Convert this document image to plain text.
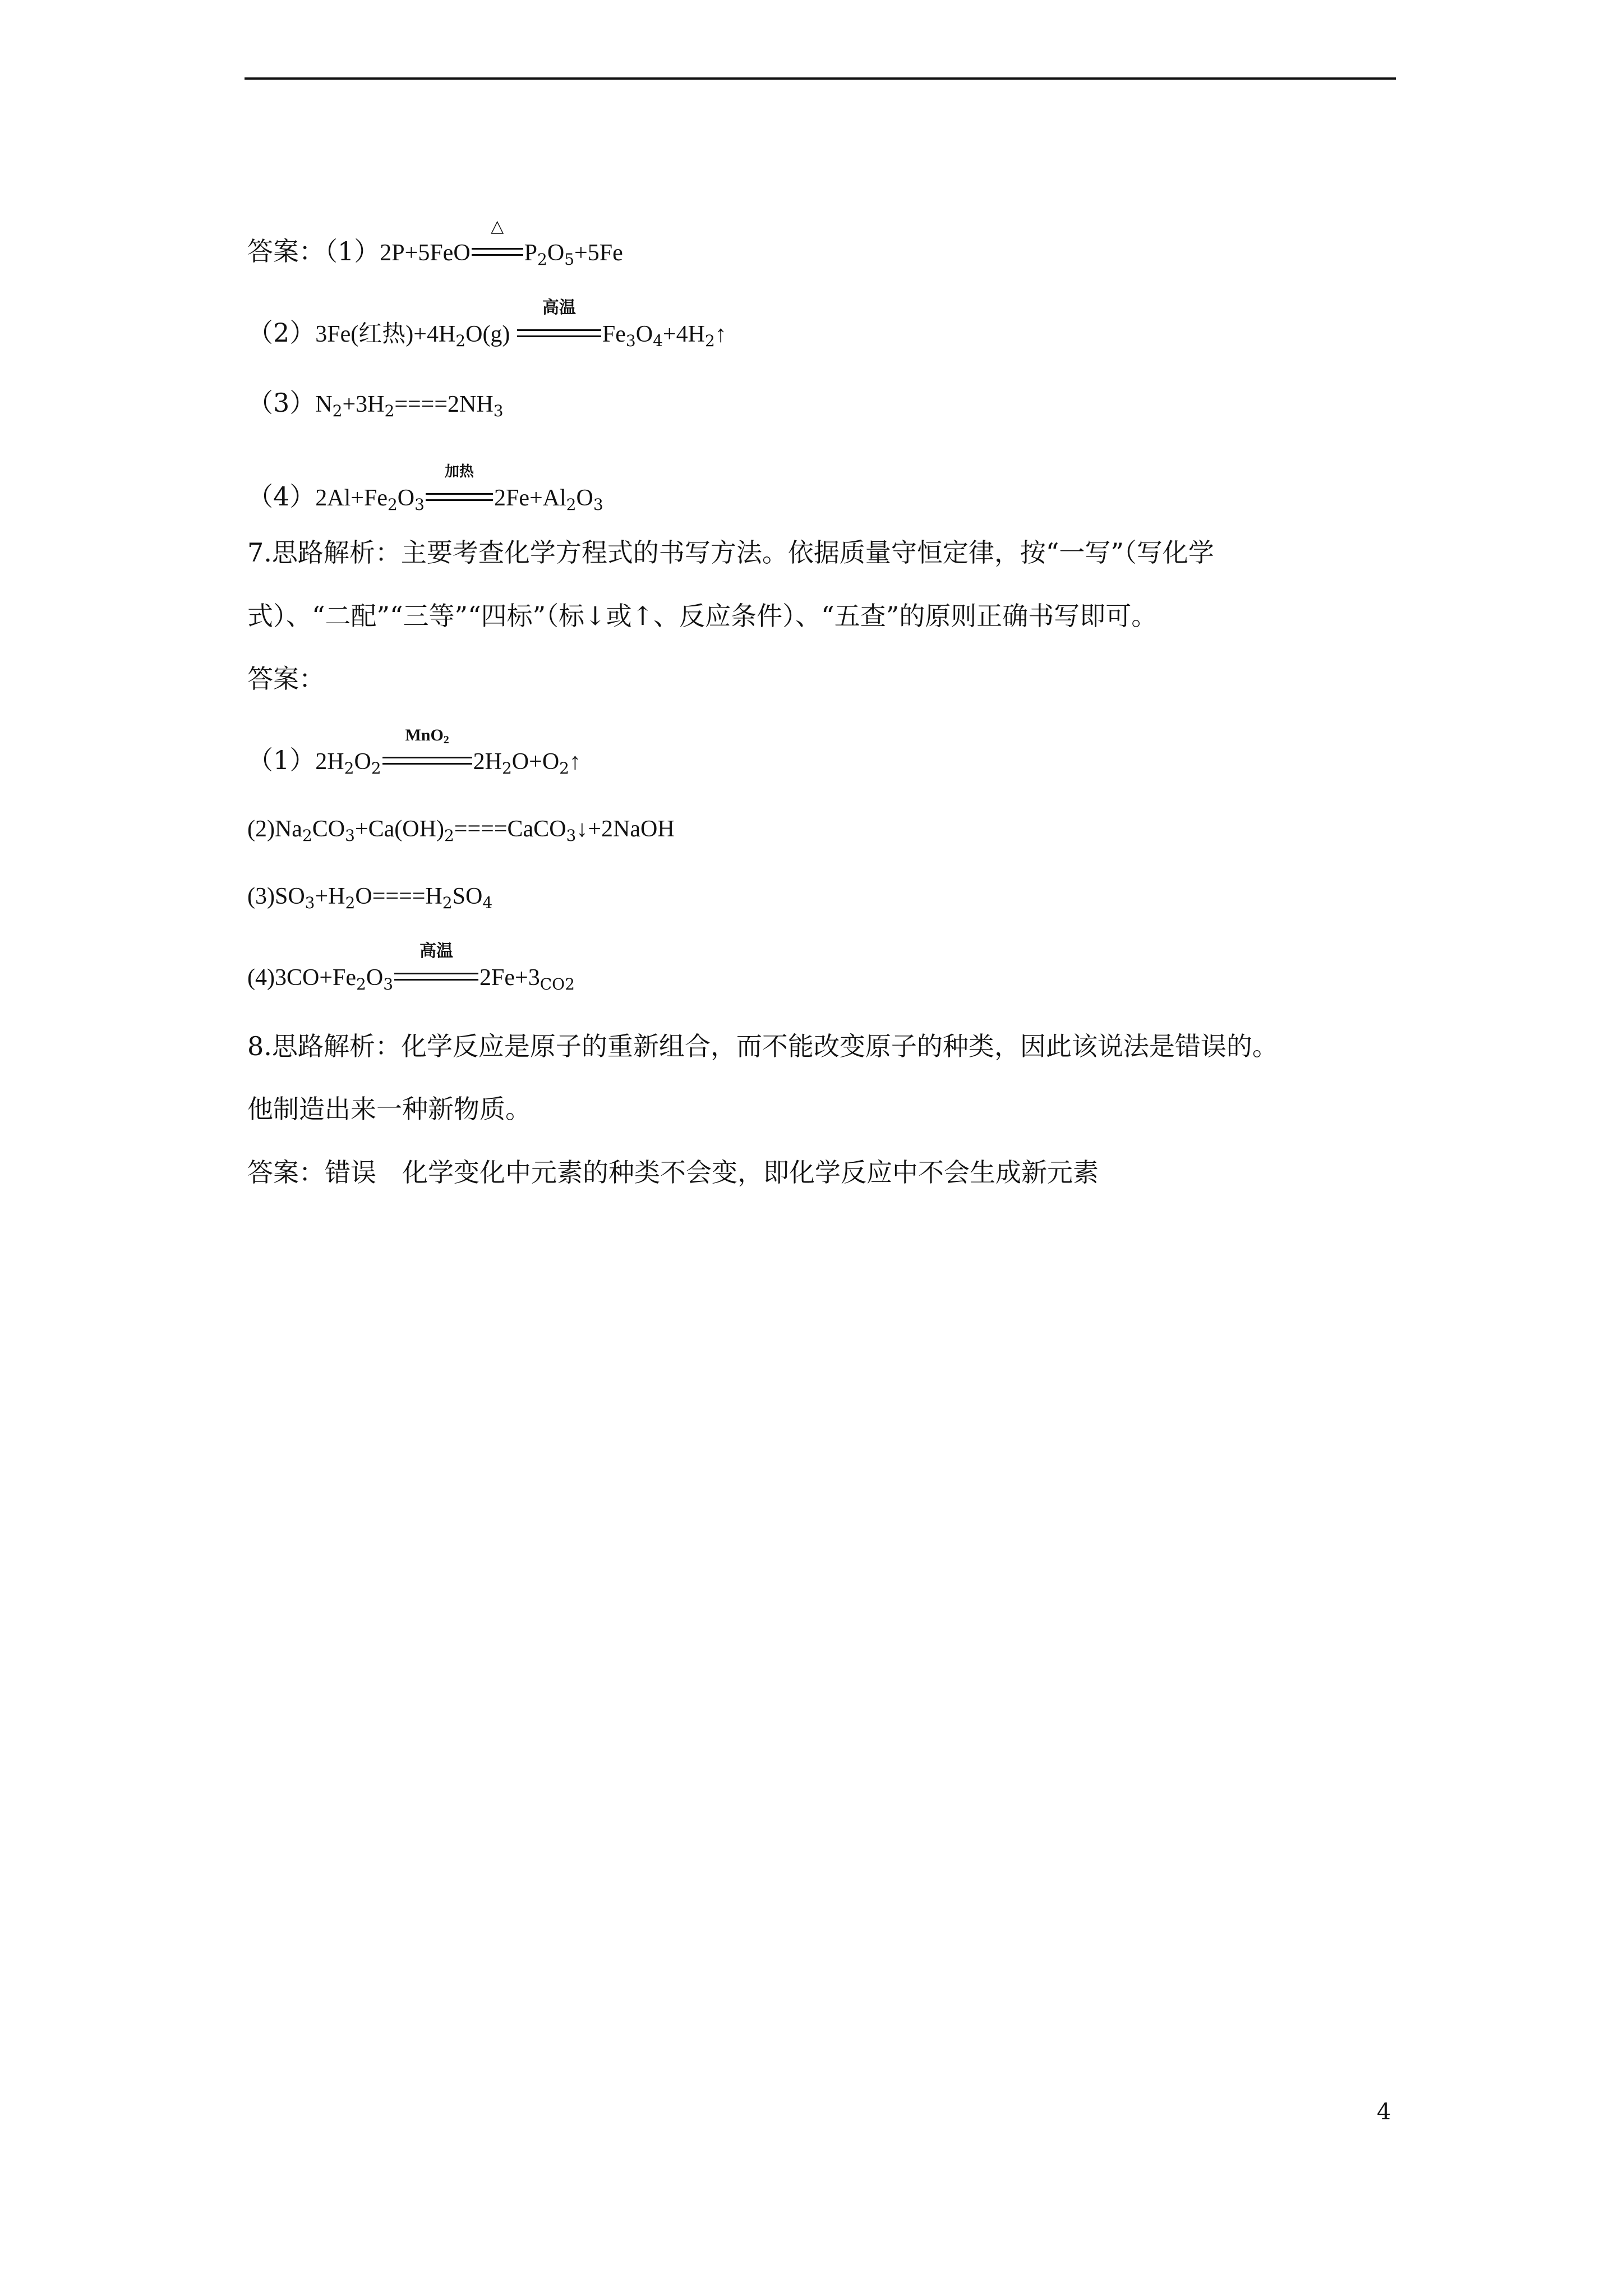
答案：（1）2P+5FeO
△
$P_2O_5+5Fe$
（2）3Fe(红热)$+4H_2O(g)$
高温
$Fe_3O_4+4H_2↑$
$(3)N_2+3H_2====2NH_3$
$(4)2Al+Fe_2O_3$
加热
$2Fe+Al_2O_3$
7.思路解析：主要考查化学方程式的书写方法。依据质量守恒定律，按“一写”（写化学
式）、“二配”“三等”“四标”（标↓或↑、反应条件）、“五查”的原则正确书写即可。
答案：
$(1)2H_2O_2$
MnO$_2$
$2H_2O+O_2↑$
$(2)Na_2CO_3+Ca(OH)_2====CaCO_3↓+2NaOH$
$(3)SO_3+H_2O====H_2SO_4$
$(4)3CO+Fe_2O_3$
高温
$2Fe+3_{CO2}$
8.思路解析：化学反应是原子的重新组合，而不能改变原子的种类，因此该说法是错误的。
他制造出来一种新物质。
答案：错误　化学变化中元素的种类不会变，即化学反应中不会生成新元素
4
